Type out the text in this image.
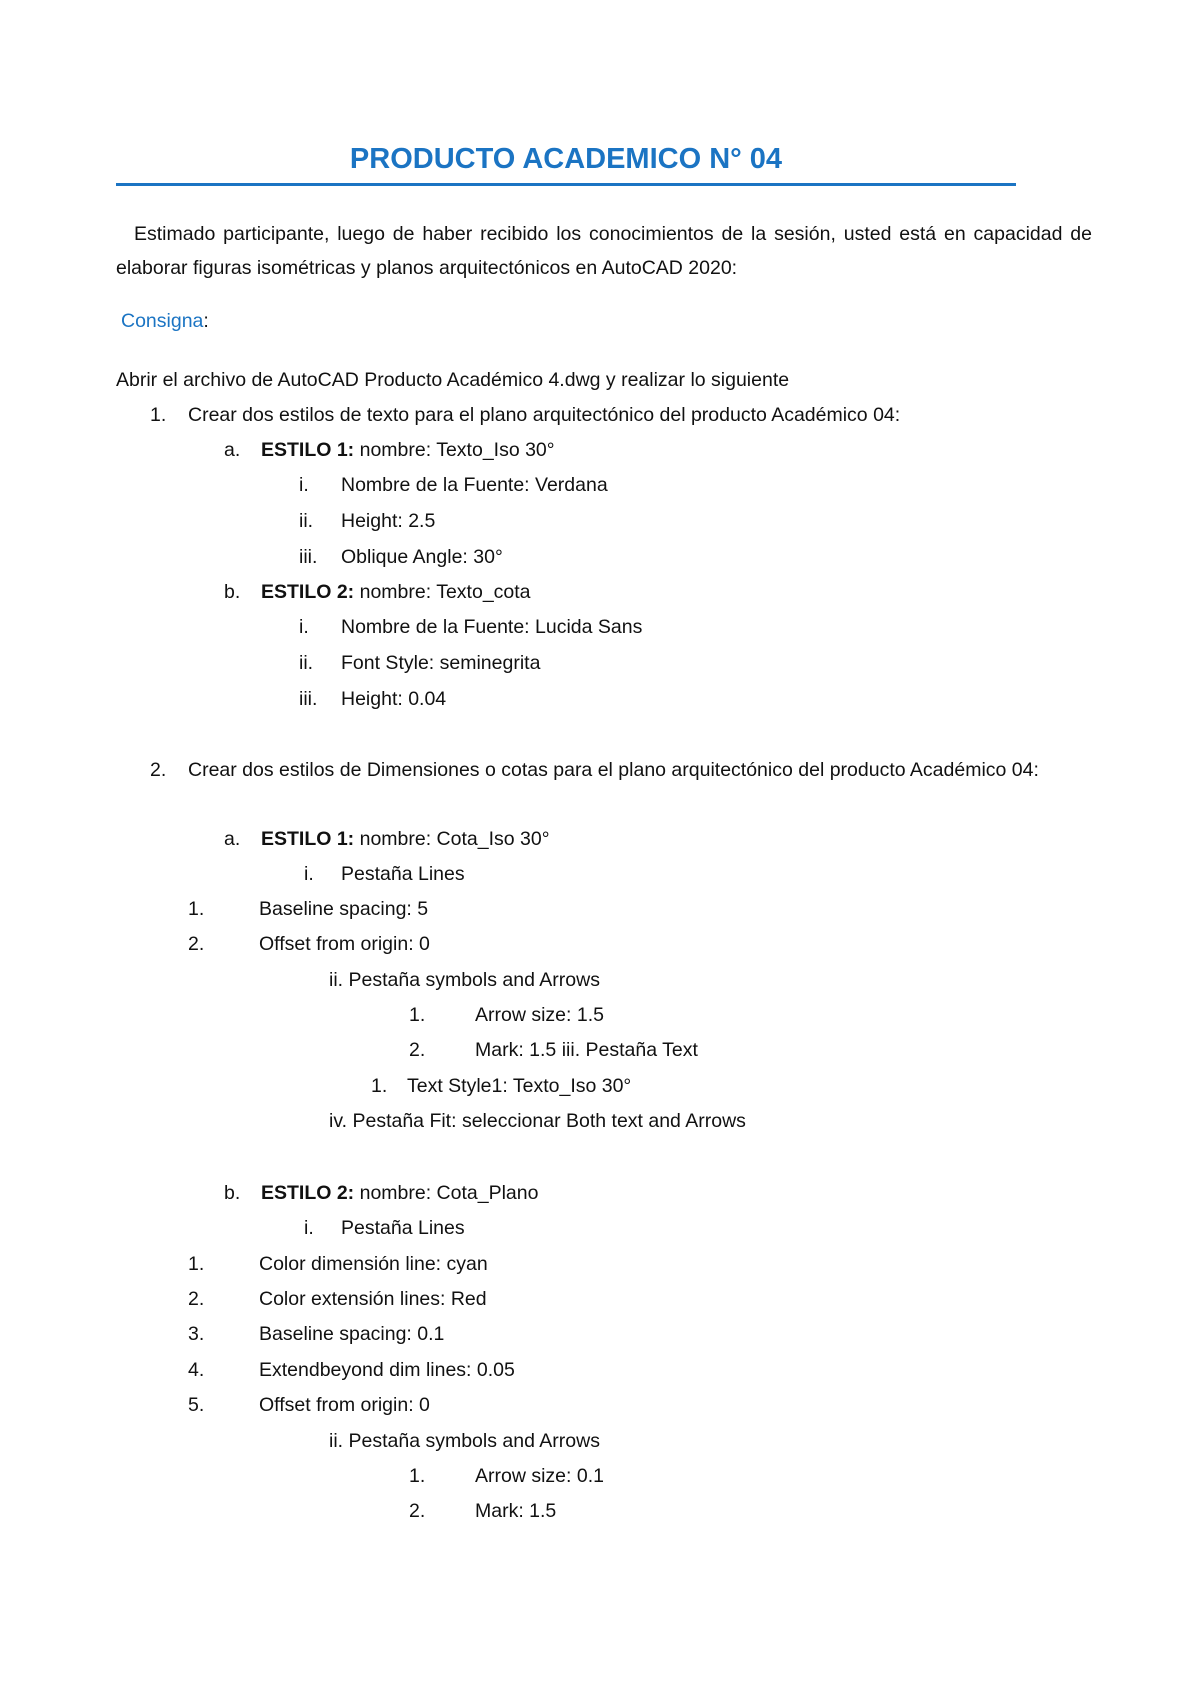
PRODUCTO ACADEMICO N° 04

Estimado participante, luego de haber recibido los conocimientos de la sesión, usted está en capacidad de elaborar figuras isométricas y planos arquitectónicos en AutoCAD 2020:

Consigna:
Abrir el archivo de AutoCAD Producto Académico 4.dwg y realizar lo siguiente
1. Crear dos estilos de texto para el plano arquitectónico del producto Académico 04:
a. ESTILO 1: nombre: Texto_Iso 30°
i. Nombre de la Fuente: Verdana
ii. Height: 2.5
iii. Oblique Angle: 30°
b. ESTILO 2: nombre: Texto_cota
i. Nombre de la Fuente: Lucida Sans
ii. Font Style: seminegrita
iii. Height: 0.04
2. Crear dos estilos de Dimensiones o cotas para el plano arquitectónico del producto Académico 04:

a. ESTILO 1: nombre: Cota_Iso 30°
i. Pestaña Lines
1.	Baseline spacing: 5
2.	Offset from origin: 0
ii. Pestaña symbols and Arrows
1.	Arrow size: 1.5
2.	Mark: 1.5 iii. Pestaña Text
1. Text Style1: Texto_Iso 30°
iv. Pestaña Fit: seleccionar Both text and Arrows
b. ESTILO 2: nombre: Cota_Plano
i. Pestaña Lines
1.	Color dimensión line: cyan
2.	Color extensión lines: Red
3.	Baseline spacing: 0.1
4.	Extendbeyond dim lines: 0.05
5.	Offset from origin: 0
ii. Pestaña symbols and Arrows
1.	Arrow size: 0.1
2.	Mark: 1.5
